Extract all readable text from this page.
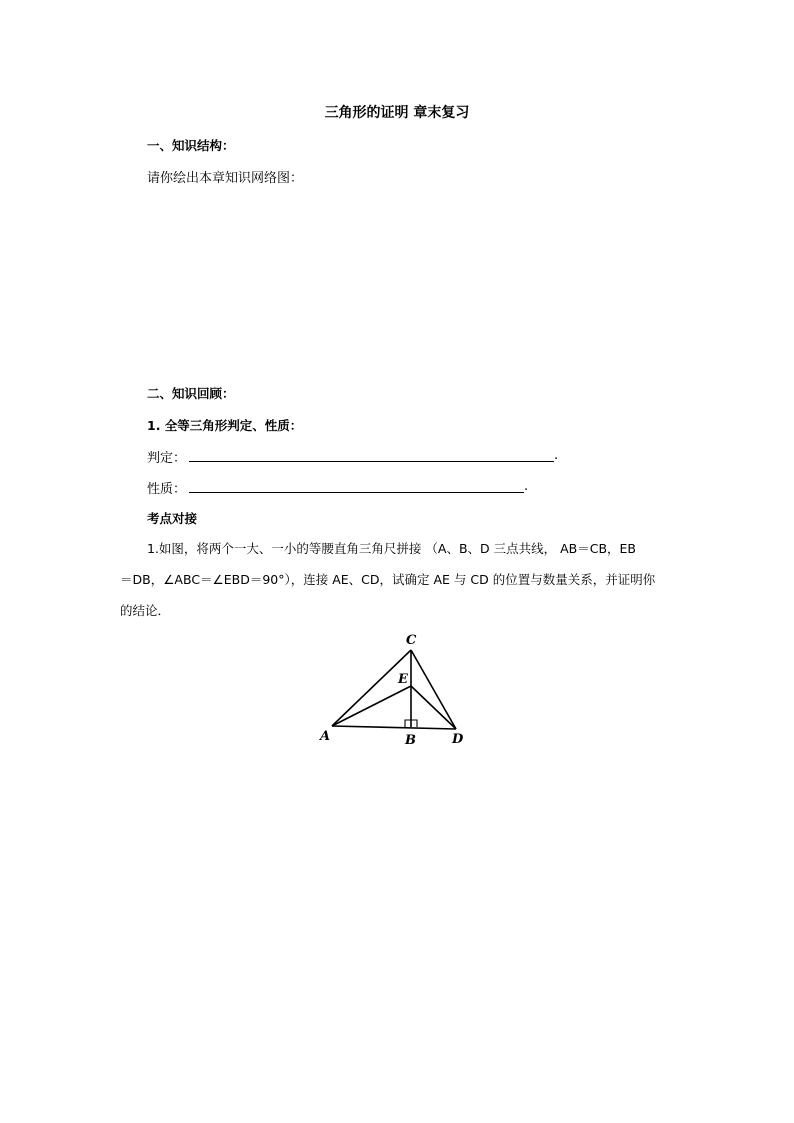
三角形的证明 章末复习
一、知识结构：
请你绘出本章知识网络图：
二、知识回顾：
1. 全等三角形判定、性质：
判定：	.
性质：	.
考点对接
1.如图，将两个一大、一小的等腰直角三角尺拼接 （A、B、D 三点共线， AB＝CB，EB
＝DB，∠ABC＝∠EBD＝90°），连接 AE、CD，试确定 AE 与 CD 的位置与数量关系，并证明你
的结论．
C
E
A	B	D
